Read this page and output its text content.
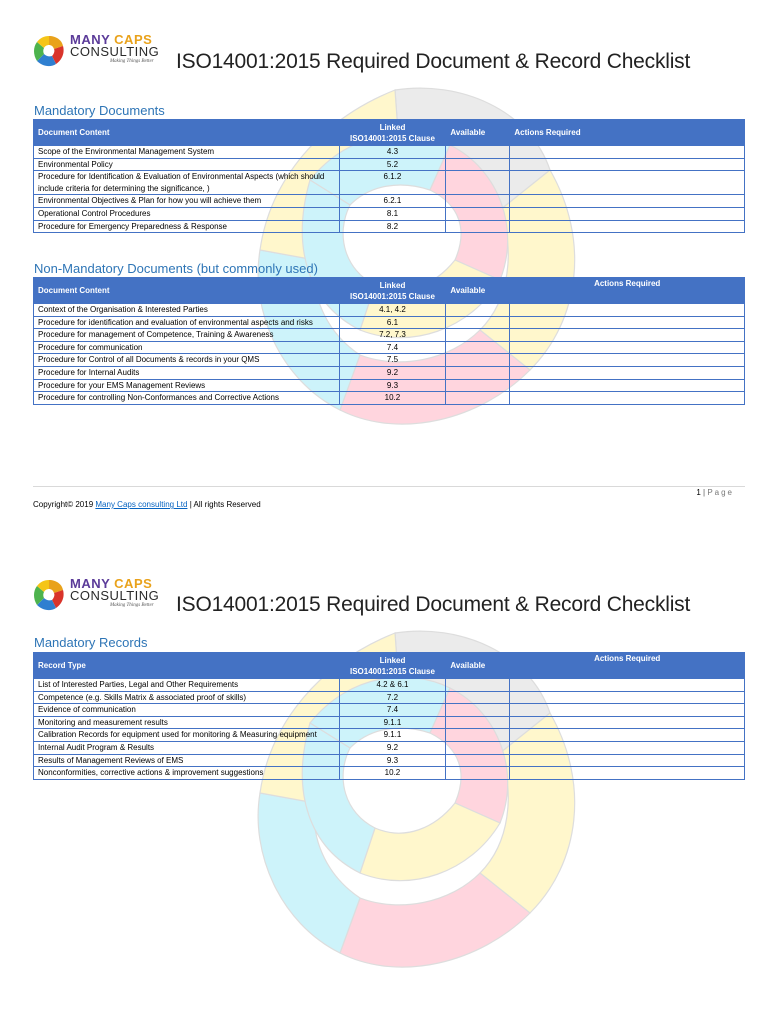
MANY CAPS
CONSULTING
Making Things Better ISO14001:2015 Required Document & Record Checklist
Mandatory Documents
Document Content	Linked
ISO14001:2015 Clause	Available	Actions Required
Scope of the Environmental Management System	4.3		
Environmental Policy	5.2		
Procedure for Identification & Evaluation of Environmental Aspects (which should include criteria for determining the significance, )	6.1.2		
Environmental Objectives & Plan for how you will achieve them	6.2.1		
Operational Control Procedures	8.1		
Procedure for Emergency Preparedness & Response	8.2		
Non-Mandatory Documents (but commonly used)
Document Content	Linked
ISO14001:2015 Clause	Available	Actions Required
Context of the Organisation & Interested Parties	4.1, 4.2		
Procedure for identification and evaluation of environmental aspects and risks	6.1		
Procedure for management of Competence, Training & Awareness	7.2, 7.3		
Procedure for communication	7.4		
Procedure for Control of all Documents & records in your QMS	7.5		
Procedure for Internal Audits	9.2		
Procedure for your EMS Management Reviews	9.3		
Procedure for controlling Non-Conformances and Corrective Actions	10.2		
1 | Page
Copyright© 2019 Many Caps consulting Ltd | All rights Reserved
MANY CAPS
CONSULTING
Making Things Better ISO14001:2015 Required Document & Record Checklist
Mandatory Records
Record Type	Linked
ISO14001:2015 Clause	Available	Actions Required
List of Interested Parties, Legal and Other Requirements	4.2 & 6.1		
Competence (e.g. Skills Matrix & associated proof of skills)	7.2		
Evidence of communication	7.4		
Monitoring and measurement results	9.1.1		
Calibration Records for equipment used for monitoring & Measuring equipment	9.1.1		
Internal Audit Program & Results	9.2		
Results of Management Reviews of EMS	9.3		
Nonconformities, corrective actions & improvement suggestions	10.2		
